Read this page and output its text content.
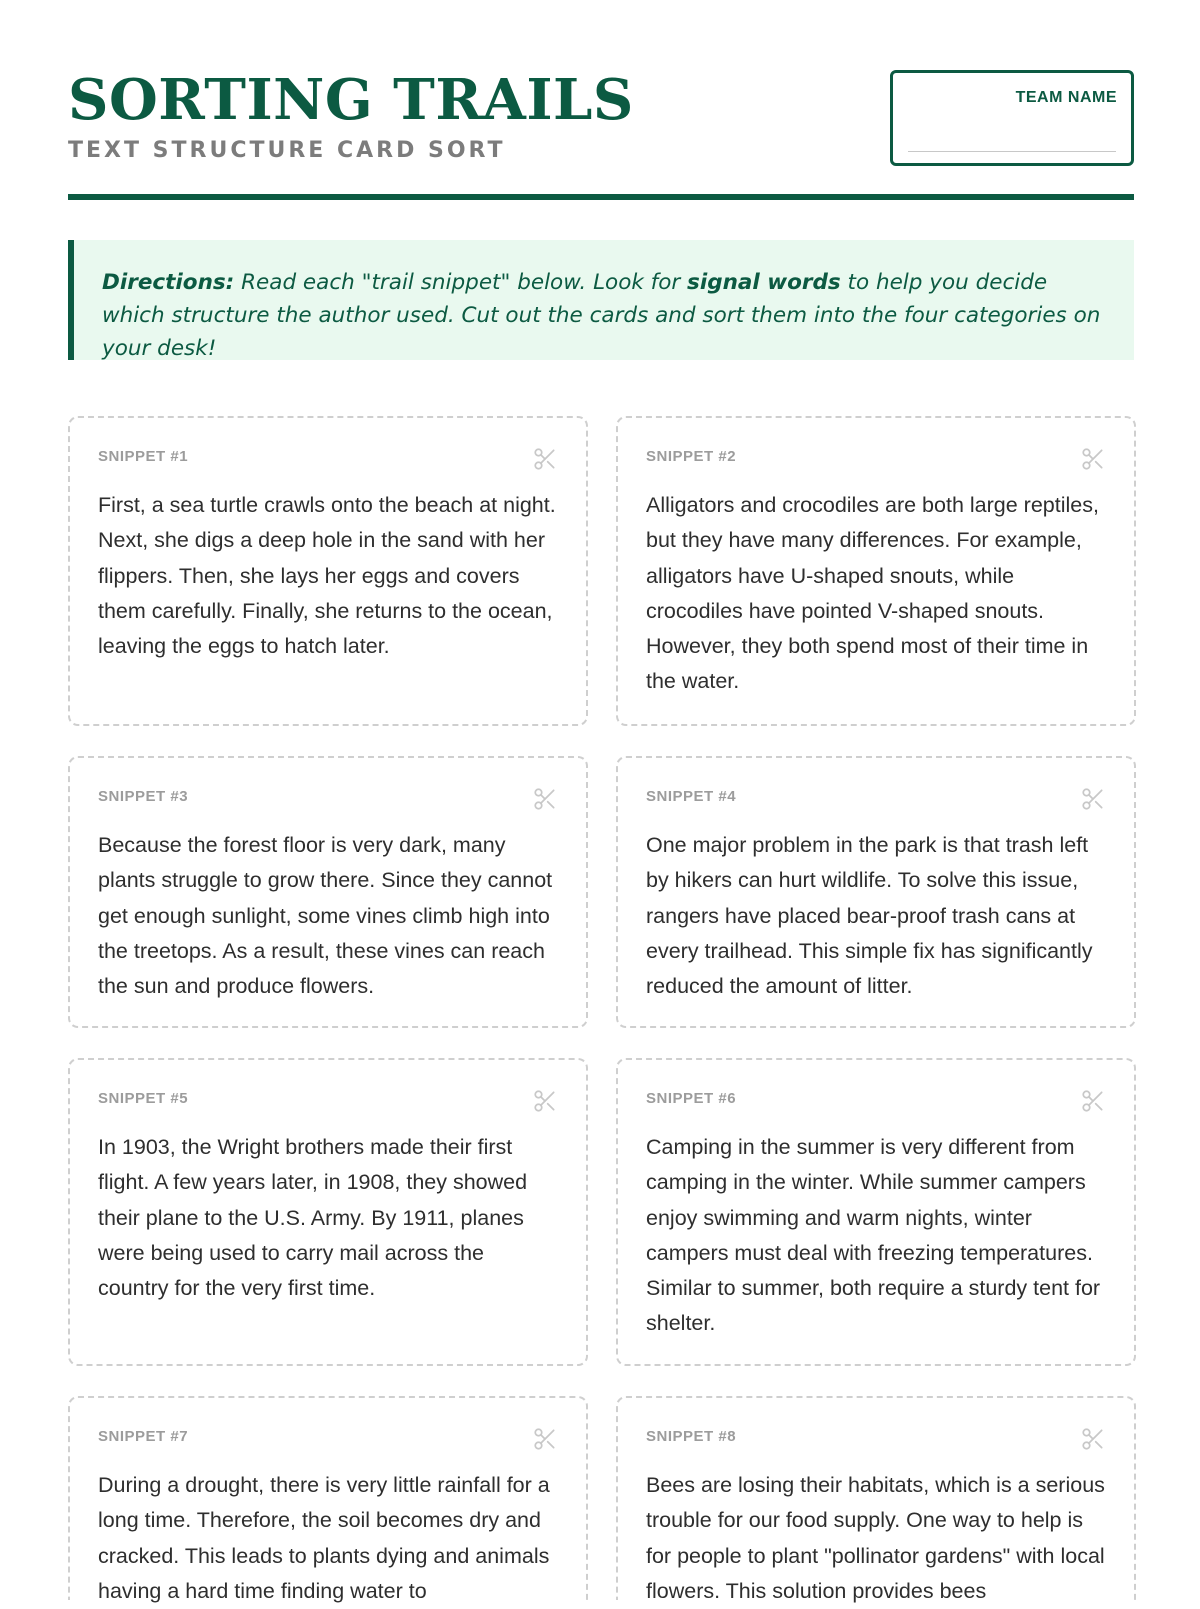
SORTING TRAILS
TEXT STRUCTURE CARD SORT
TEAM NAME
Directions: Read each "trail snippet" below. Look for signal words to help you decide which structure the author used. Cut out the cards and sort them into the four categories on your desk!
SNIPPET #1
First, a sea turtle crawls onto the beach at night. Next, she digs a deep hole in the sand with her flippers. Then, she lays her eggs and covers them carefully. Finally, she returns to the ocean, leaving the eggs to hatch later.
SNIPPET #2
Alligators and crocodiles are both large reptiles, but they have many differences. For example, alligators have U-shaped snouts, while crocodiles have pointed V-shaped snouts. However, they both spend most of their time in the water.
SNIPPET #3
Because the forest floor is very dark, many plants struggle to grow there. Since they cannot get enough sunlight, some vines climb high into the treetops. As a result, these vines can reach the sun and produce flowers.
SNIPPET #4
One major problem in the park is that trash left by hikers can hurt wildlife. To solve this issue, rangers have placed bear-proof trash cans at every trailhead. This simple fix has significantly reduced the amount of litter.
SNIPPET #5
In 1903, the Wright brothers made their first flight. A few years later, in 1908, they showed their plane to the U.S. Army. By 1911, planes were being used to carry mail across the country for the very first time.
SNIPPET #6
Camping in the summer is very different from camping in the winter. While summer campers enjoy swimming and warm nights, winter campers must deal with freezing temperatures. Similar to summer, both require a sturdy tent for shelter.
SNIPPET #7
During a drought, there is very little rainfall for a long time. Therefore, the soil becomes dry and cracked. This leads to plants dying and animals having a hard time finding water to
SNIPPET #8
Bees are losing their habitats, which is a serious trouble for our food supply. One way to help is for people to plant "pollinator gardens" with local flowers. This solution provides bees
